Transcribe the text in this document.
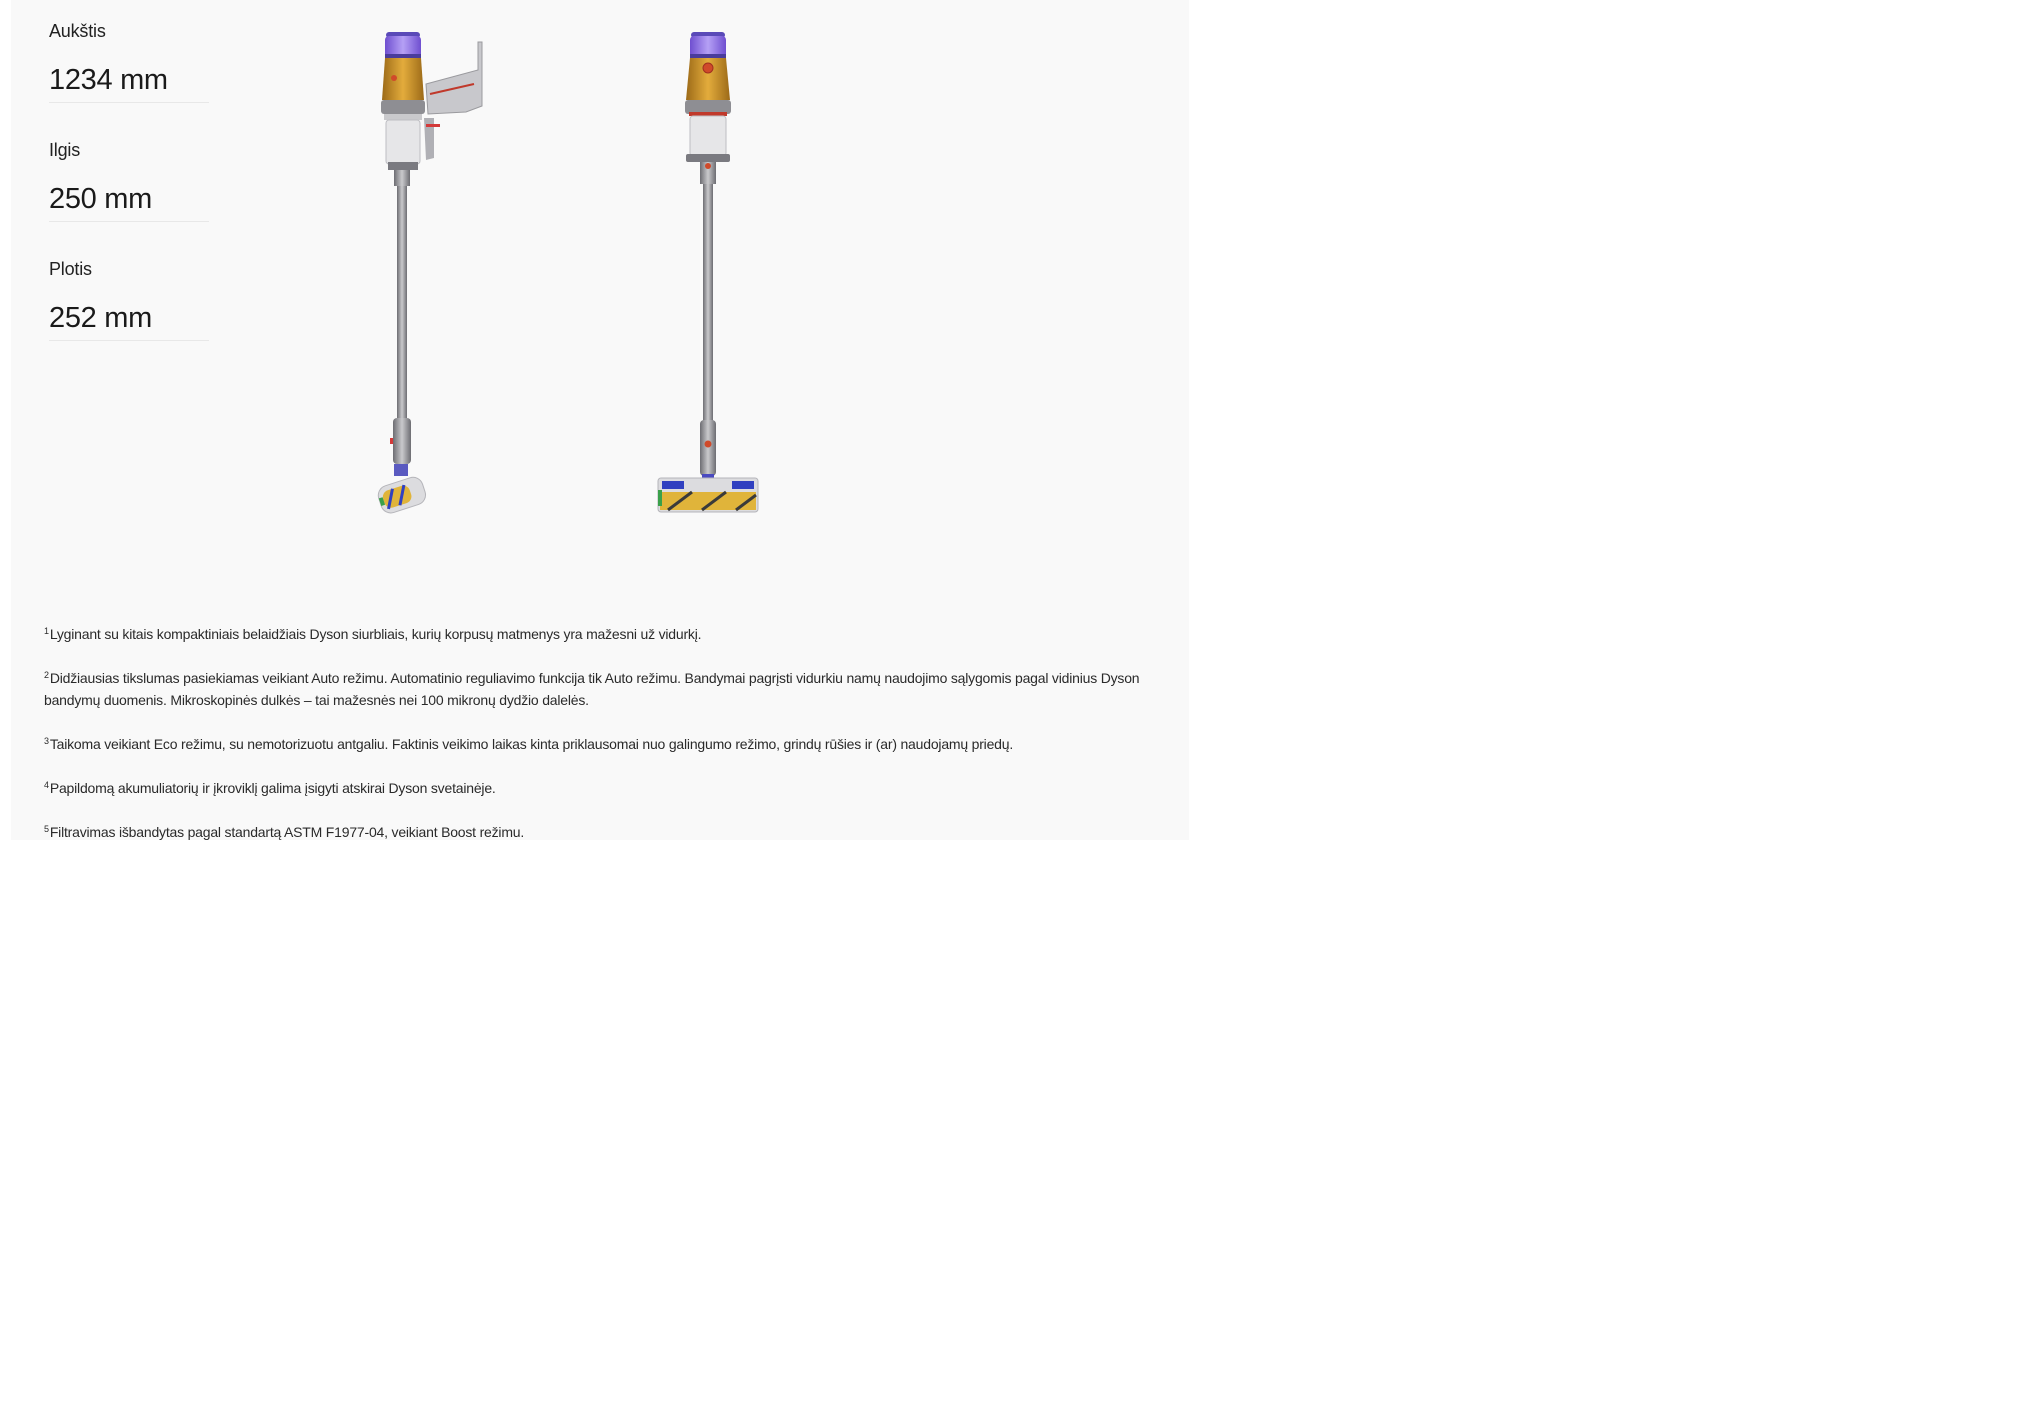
Aukštis
1234 mm
Ilgis
250 mm
Plotis
252 mm

$^1$Lyginant su kitais kompaktiniais belaidžiais Dyson siurbliais, kurių korpusų matmenys yra mažesni už vidurkį.

$^2$Didžiausias tikslumas pasiekiamas veikiant Auto režimu. Automatinio reguliavimo funkcija tik Auto režimu. Bandymai pagrįsti vidurkiu namų naudojimo sąlygomis pagal vidinius Dyson bandymų duomenis. Mikroskopinės dulkės – tai mažesnės nei 100 mikronų dydžio dalelės.

$^3$Taikoma veikiant Eco režimu, su nemotorizuotu antgaliu. Faktinis veikimo laikas kinta priklausomai nuo galingumo režimo, grindų rūšies ir (ar) naudojamų priedų.

$^4$Papildomą akumuliatorių ir įkroviklį galima įsigyti atskirai Dyson svetainėje.

$^5$Filtravimas išbandytas pagal standartą ASTM F1977-04, veikiant Boost režimu.
